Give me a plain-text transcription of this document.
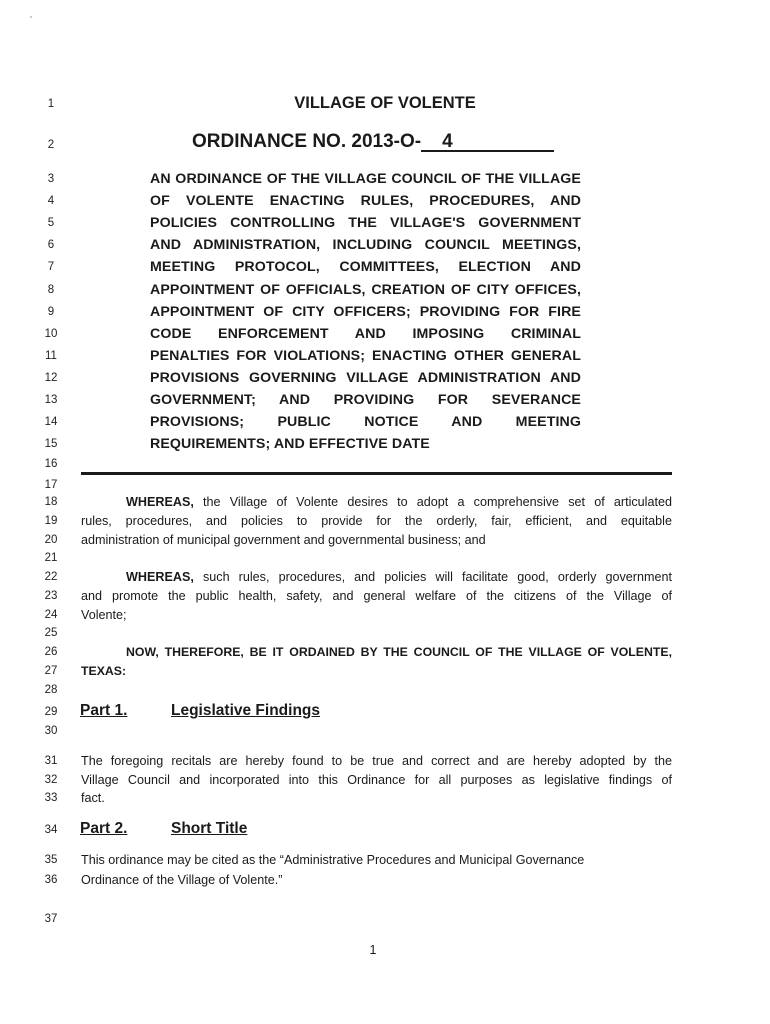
1
2
3
4
5
6
7
8
9
10
11
12
13
14
15
16
17
18
19
20
21
22
23
24
25
26
27
28
29
30
31
32
33
34
35
36
37
VILLAGE OF VOLENTE
ORDINANCE NO. 2013-O- 4
AN ORDINANCE OF THE VILLAGE COUNCIL OF THE VILLAGE
OF VOLENTE ENACTING RULES, PROCEDURES, AND
POLICIES CONTROLLING THE VILLAGE'S GOVERNMENT
AND ADMINISTRATION, INCLUDING COUNCIL MEETINGS,
MEETING PROTOCOL, COMMITTEES, ELECTION AND
APPOINTMENT OF OFFICIALS, CREATION OF CITY OFFICES,
APPOINTMENT OF CITY OFFICERS; PROVIDING FOR FIRE
CODE ENFORCEMENT AND IMPOSING CRIMINAL
PENALTIES FOR VIOLATIONS; ENACTING OTHER GENERAL
PROVISIONS GOVERNING VILLAGE ADMINISTRATION AND
GOVERNMENT; AND PROVIDING FOR SEVERANCE
PROVISIONS; PUBLIC NOTICE AND MEETING
REQUIREMENTS; AND EFFECTIVE DATE
WHEREAS, the Village of Volente desires to adopt a comprehensive set of articulated
rules, procedures, and policies to provide for the orderly, fair, efficient, and equitable
administration of municipal government and governmental business; and
WHEREAS, such rules, procedures, and policies will facilitate good, orderly government
and promote the public health, safety, and general welfare of the citizens of the Village of
Volente;
NOW, THEREFORE, BE IT ORDAINED BY THE COUNCIL OF THE VILLAGE OF VOLENTE,
TEXAS:
Part 1.	Legislative Findings
The foregoing recitals are hereby found to be true and correct and are hereby adopted by the
Village Council and incorporated into this Ordinance for all purposes as legislative findings of
fact.
Part 2.	Short Title
This ordinance may be cited as the “Administrative Procedures and Municipal Governance
Ordinance of the Village of Volente.”
1
